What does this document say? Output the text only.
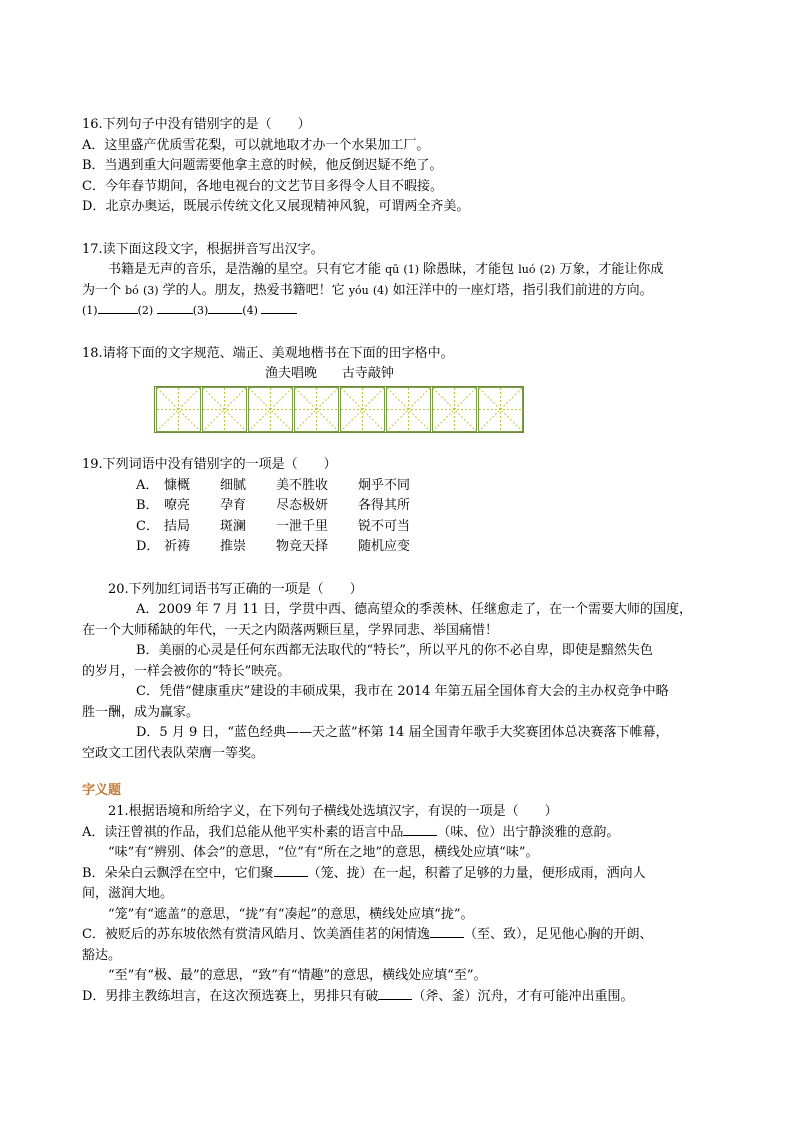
16.下列句子中没有错别字的是（　　）
A．这里盛产优质雪花梨，可以就地取才办一个水果加工厂。
B．当遇到重大问题需要他拿主意的时候，他反倒迟疑不绝了。
C．今年春节期间，各地电视台的文艺节目多得令人目不暇接。
D．北京办奥运，既展示传统文化又展现精神风貌，可谓两全齐美。
17.读下面这段文字，根据拼音写出汉字。
书籍是无声的音乐，是浩瀚的星空。只有它才能 qū (1) 除愚昧，才能包 luó (2) 万象，才能让你成
为一个 bó (3) 学的人。朋友，热爱书籍吧！它 yóu (4) 如汪洋中的一座灯塔，指引我们前进的方向。
(1)	(2)	(3)	(4)
18.请将下面的文字规范、端正、美观地楷书在下面的田字格中。
渔夫唱晚 古寺敲钟
19.下列词语中没有错别字的一项是（　　）
A． 慷概 细腻 美不胜收 炯乎不同
B． 嘹亮 孕育 尽态极妍 各得其所
C． 拮局 斑澜 一泄千里 锐不可当
D． 祈祷 推崇 物竞天择 随机应变
20.下列加红词语书写正确的一项是（　　）
A．2009 年 7 月 11 日，学贯中西、德高望众的季羡林、任继愈走了，在一个需要大师的国度，
在一个大师稀缺的年代，一天之内陨落两颗巨星，学界同悲、举国痛惜！
B．美丽的心灵是任何东西都无法取代的“特长”，所以平凡的你不必自卑，即使是黯然失色
的岁月，一样会被你的“特长”映亮。
C．凭借“健康重庆”建设的丰硕成果，我市在 2014 年第五届全国体育大会的主办权竞争中略
胜一酬，成为赢家。
D．5 月 9 日，“蓝色经典——天之蓝”杯第 14 届全国青年歌手大奖赛团体总决赛落下帷幕，
空政文工团代表队荣膺一等奖。
字义题
21.根据语境和所给字义，在下列句子横线处选填汉字，有误的一项是（　　）
A．读汪曾祺的作品，我们总能从他平实朴素的语言中品	（味、位）出宁静淡雅的意韵。
“味”有“辨别、体会”的意思，“位”有“所在之地”的意思，横线处应填“味”。
B．朵朵白云飘浮在空中，它们聚	（笼、拢）在一起，积蓄了足够的力量，便形成雨，洒向人
间，滋润大地。
“笼”有“遮盖”的意思，“拢”有“凑起”的意思，横线处应填“拢”。
C．被贬后的苏东坡依然有赏清风皓月、饮美酒佳茗的闲情逸	（至、致），足见他心胸的开朗、
豁达。
“至”有“极、最”的意思，“致”有“情趣”的意思，横线处应填“至”。
D．男排主教练坦言，在这次预选赛上，男排只有破	（斧、釜）沉舟，才有可能冲出重围。
